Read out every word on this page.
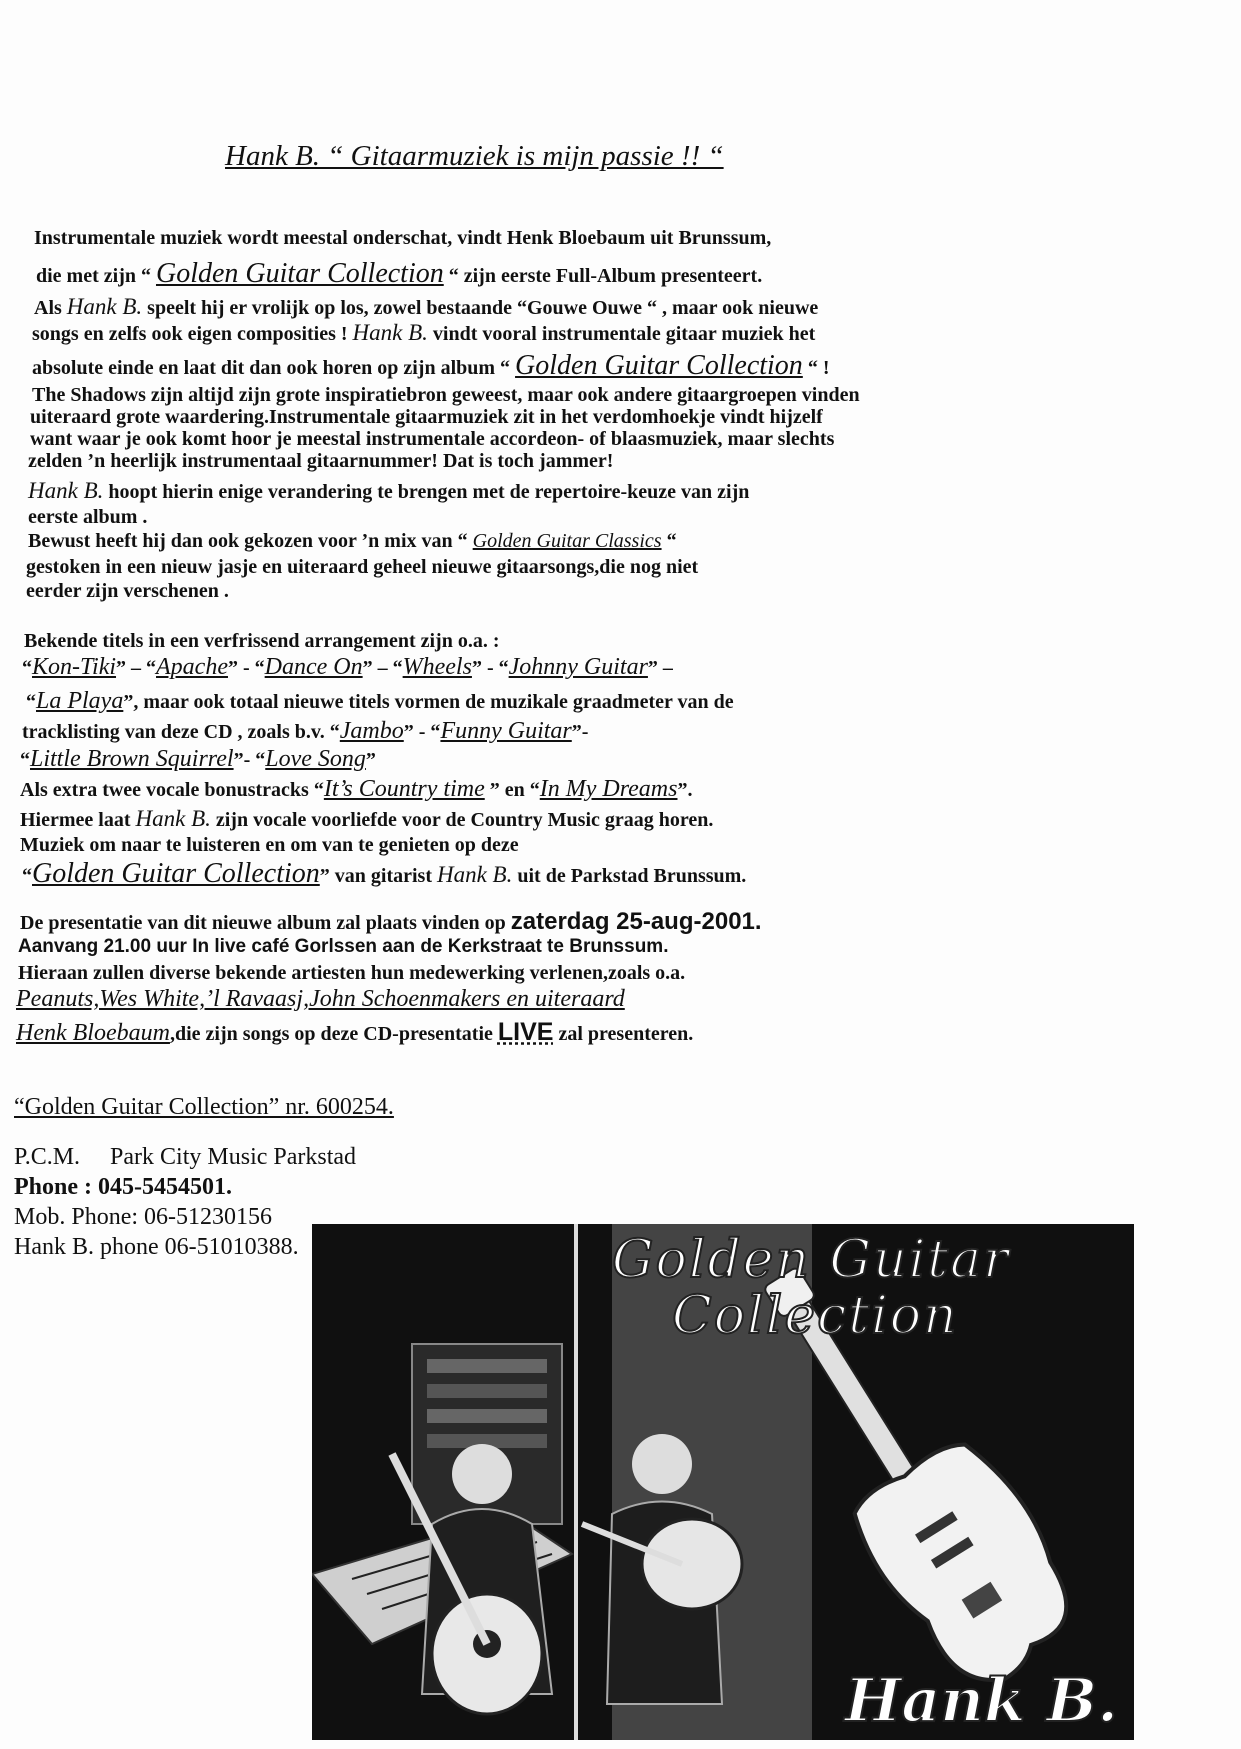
Hank B. “ Gitaarmuziek is mijn passie !! “
Instrumentale muziek wordt meestal onderschat, vindt Henk Bloebaum uit Brunssum,
die met zijn “ Golden Guitar Collection “ zijn eerste Full-Album presenteert.
Als Hank B. speelt hij er vrolijk op los, zowel bestaande “Gouwe Ouwe “ , maar ook nieuwe
songs en zelfs ook eigen composities ! Hank B. vindt vooral instrumentale gitaar muziek het
absolute einde en laat dit dan ook horen op zijn album “ Golden Guitar Collection “ !
The Shadows zijn altijd zijn grote inspiratiebron geweest, maar ook andere gitaargroepen vinden
uiteraard grote waardering.Instrumentale gitaarmuziek zit in het verdomhoekje vindt hijzelf
want waar je ook komt hoor je meestal instrumentale accordeon- of blaasmuziek, maar slechts
zelden ’n heerlijk instrumentaal gitaarnummer! Dat is toch jammer!
Hank B. hoopt hierin enige verandering te brengen met de repertoire-keuze van zijn
eerste album .
Bewust heeft hij dan ook gekozen voor ’n mix van “ Golden Guitar Classics “
gestoken in een nieuw jasje en uiteraard geheel nieuwe gitaarsongs,die nog niet
eerder zijn verschenen .
Bekende titels in een verfrissend arrangement zijn o.a. :
“Kon-Tiki” – “Apache” - “Dance On” – “Wheels” - “Johnny Guitar” –
“La Playa”, maar ook totaal nieuwe titels vormen de muzikale graadmeter van de
tracklisting van deze CD , zoals b.v. “Jambo” - “Funny Guitar”-
“Little Brown Squirrel”- “Love Song”
Als extra twee vocale bonustracks “It’s Country time ” en “In My Dreams”.
Hiermee laat Hank B. zijn vocale voorliefde voor de Country Music graag horen.
Muziek om naar te luisteren en om van te genieten op deze
“Golden Guitar Collection” van gitarist Hank B. uit de Parkstad Brunssum.
De presentatie van dit nieuwe album zal plaats vinden op zaterdag 25-aug-2001.
Aanvang 21.00 uur In live café Gorlssen aan de Kerkstraat te Brunssum.
Hieraan zullen diverse bekende artiesten hun medewerking verlenen,zoals o.a.
Peanuts,Wes White,’l Ravaasj,John Schoenmakers en uiteraard
Henk Bloebaum,die zijn songs op deze CD-presentatie LIVE zal presenteren.
“Golden Guitar Collection” nr. 600254.
P.C.M. Park City Music Parkstad
Phone : 045-5454501.
Mob. Phone: 06-51230156
Hank B. phone 06-51010388.	Golden Guitar
Collection
Hank B.
